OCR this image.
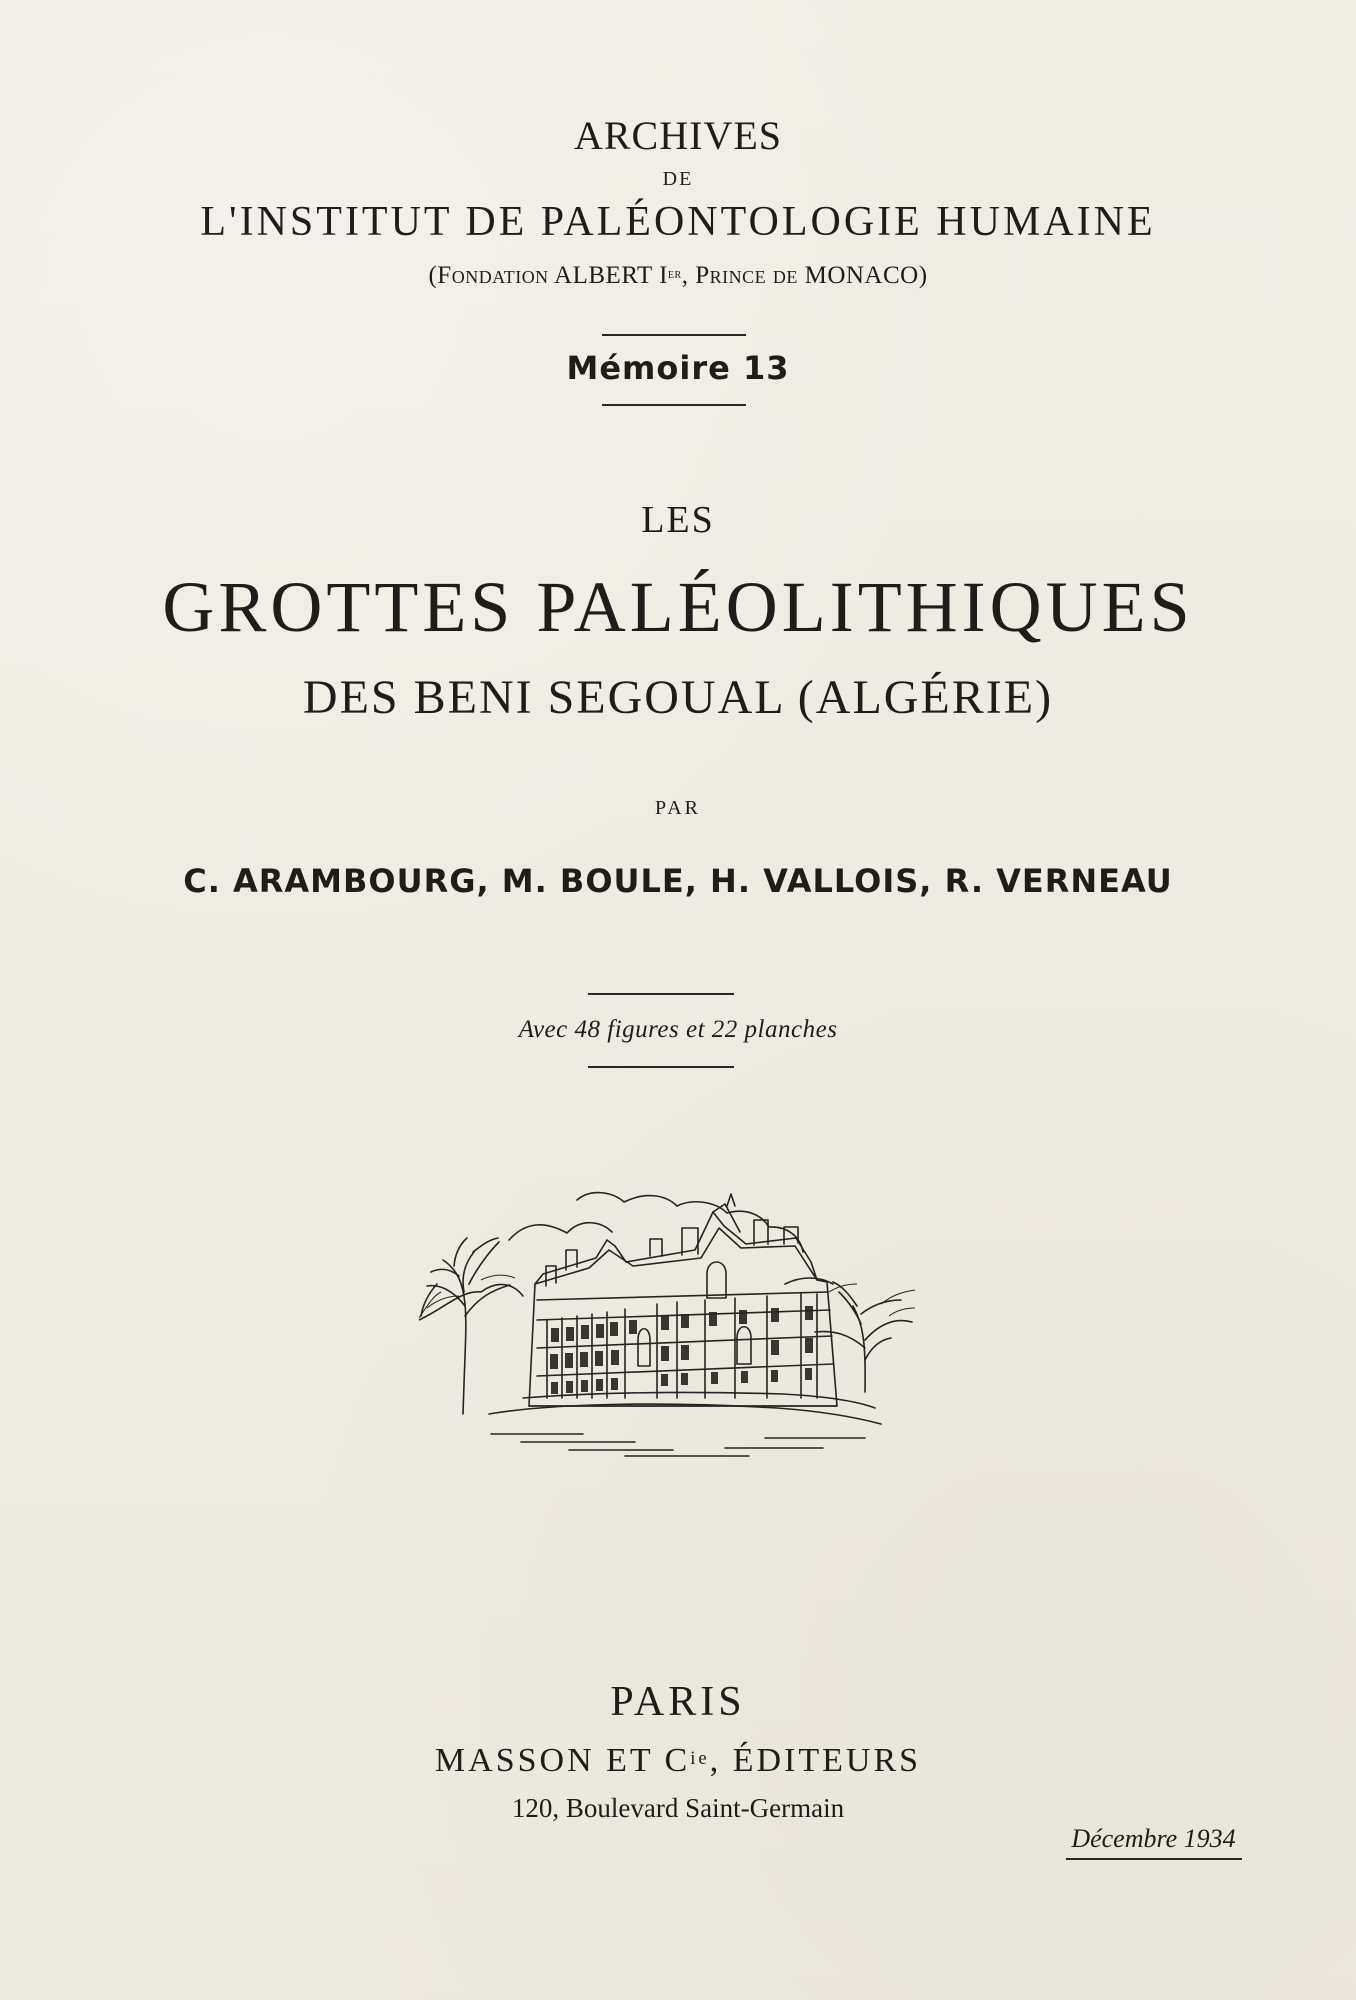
ARCHIVES
DE
L'INSTITUT DE PALÉONTOLOGIE HUMAINE
(Fondation ALBERT Ier, Prince de MONACO)
Mémoire 13
LES
GROTTES PALÉOLITHIQUES
DES BENI SEGOUAL (ALGÉRIE)
PAR
C. ARAMBOURG, M. BOULE, H. VALLOIS, R. VERNEAU
Avec 48 figures et 22 planches
PARIS
MASSON ET $C^{ie}$, ÉDITEURS
120, Boulevard Saint-Germain
Décembre 1934
